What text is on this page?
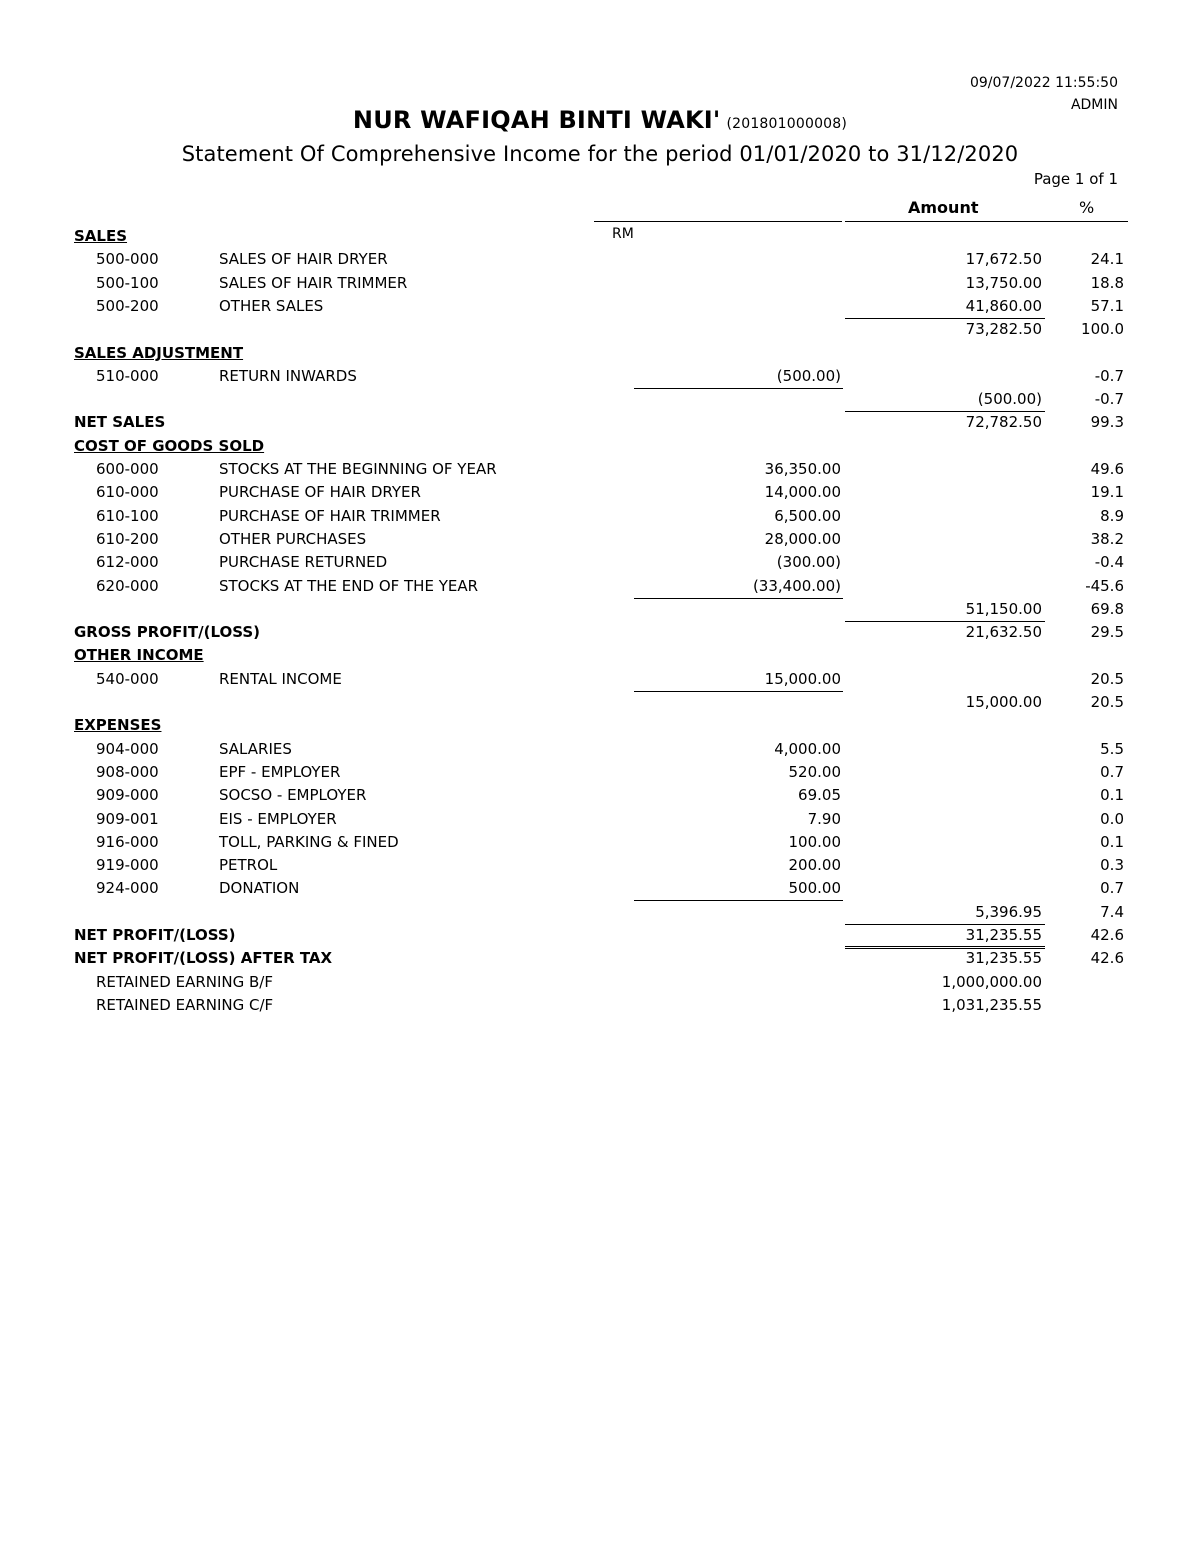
09/07/2022 11:55:50
ADMIN
NUR WAFIQAH BINTI WAKI' (201801000008)
Statement Of Comprehensive Income for the period 01/01/2020 to 31/12/2020
Page 1 of 1
Amount	%
RM
SALES
500-000	SALES OF HAIR DRYER	17,672.50	24.1
500-100	SALES OF HAIR TRIMMER	13,750.00	18.8
500-200	OTHER SALES	41,860.00	57.1
73,282.50	100.0
SALES ADJUSTMENT
510-000	RETURN INWARDS	(500.00)	-0.7
(500.00)	-0.7
NET SALES	72,782.50	99.3
COST OF GOODS SOLD
600-000	STOCKS AT THE BEGINNING OF YEAR	36,350.00	49.6
610-000	PURCHASE OF HAIR DRYER	14,000.00	19.1
610-100	PURCHASE OF HAIR TRIMMER	6,500.00	8.9
610-200	OTHER PURCHASES	28,000.00	38.2
612-000	PURCHASE RETURNED	(300.00)	-0.4
620-000	STOCKS AT THE END OF THE YEAR	(33,400.00)	-45.6
51,150.00	69.8
GROSS PROFIT/(LOSS)	21,632.50	29.5
OTHER INCOME
540-000	RENTAL INCOME	15,000.00	20.5
15,000.00	20.5
EXPENSES
904-000	SALARIES	4,000.00	5.5
908-000	EPF - EMPLOYER	520.00	0.7
909-000	SOCSO - EMPLOYER	69.05	0.1
909-001	EIS - EMPLOYER	7.90	0.0
916-000	TOLL, PARKING & FINED	100.00	0.1
919-000	PETROL	200.00	0.3
924-000	DONATION	500.00	0.7
5,396.95	7.4
NET PROFIT/(LOSS)	31,235.55	42.6
NET PROFIT/(LOSS) AFTER TAX	31,235.55	42.6
RETAINED EARNING B/F	1,000,000.00
RETAINED EARNING C/F	1,031,235.55
